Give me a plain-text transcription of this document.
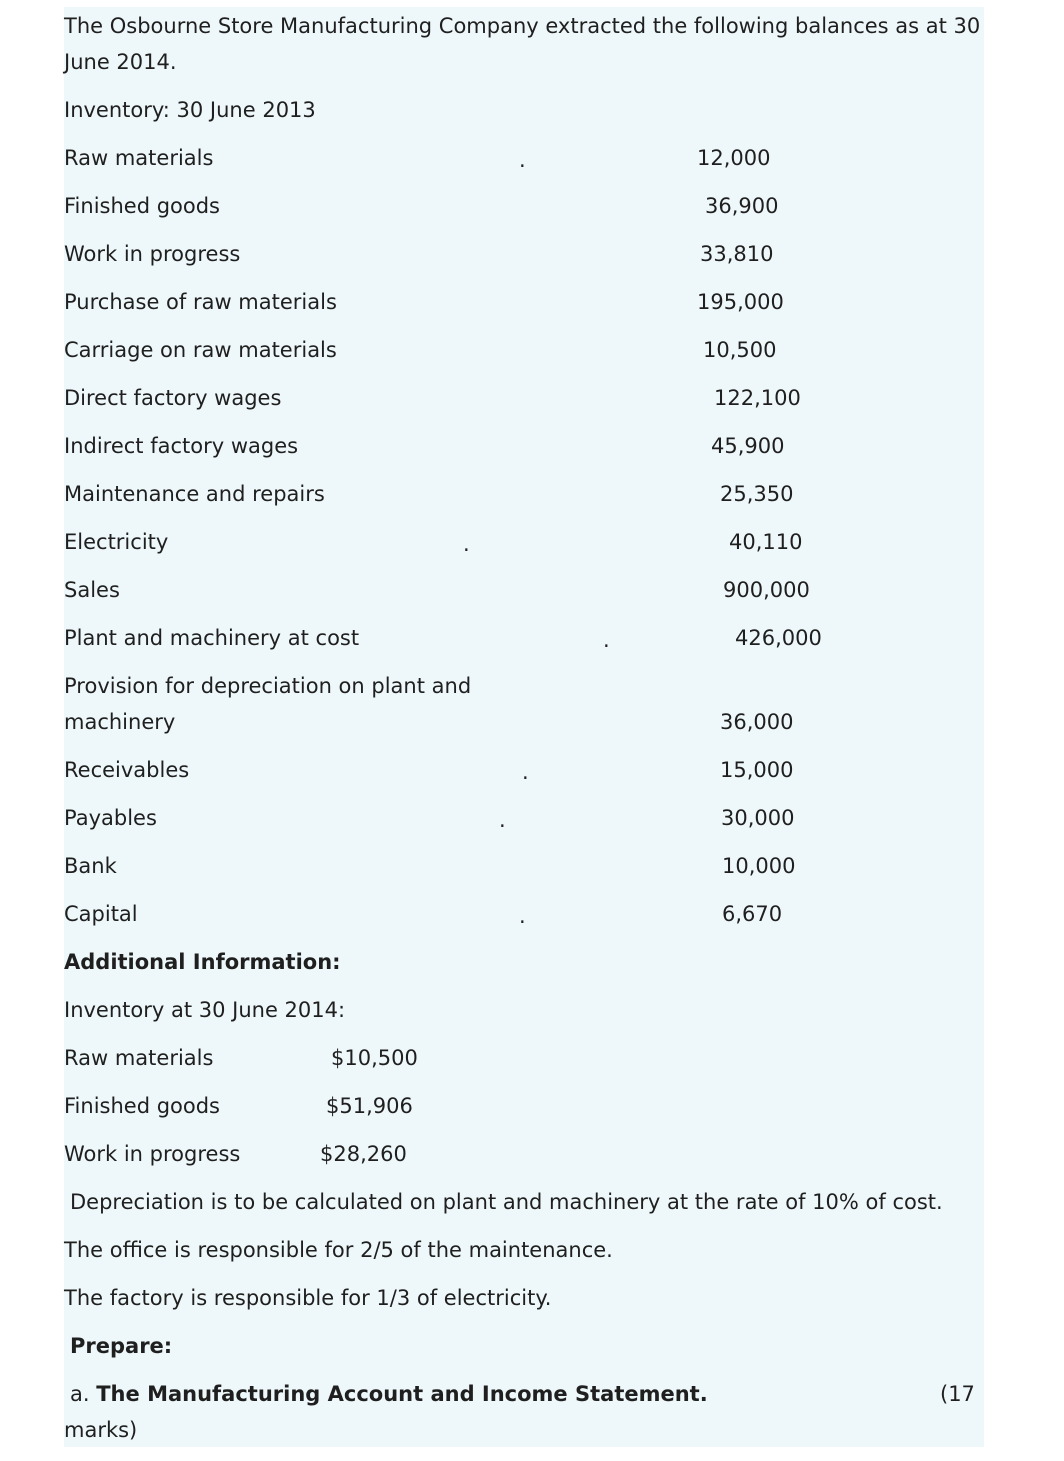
The Osbourne Store Manufacturing Company extracted the following balances as at 30
June 2014.
Inventory: 30 June 2013
Raw materials	12,000
Finished goods	36,900
Work in progress	33,810
Purchase of raw materials	195,000
Carriage on raw materials	10,500
Direct factory wages	122,100
Indirect factory wages	45,900
Maintenance and repairs	25,350
Electricity	40,110
Sales	900,000
Plant and machinery at cost	426,000
Provision for depreciation on plant and
machinery	36,000
Receivables	15,000
Payables	30,000
Bank	10,000
Capital	6,670
.
.
.
.
.
.
Additional Information:
Inventory at 30 June 2014:
Raw materials	$10,500
Finished goods	$51,906
Work in progress	$28,260
Depreciation is to be calculated on plant and machinery at the rate of 10% of cost.
The office is responsible for 2/5 of the maintenance.
The factory is responsible for 1/3 of electricity.
Prepare:
a. The Manufacturing Account and Income Statement.	(17
marks)
